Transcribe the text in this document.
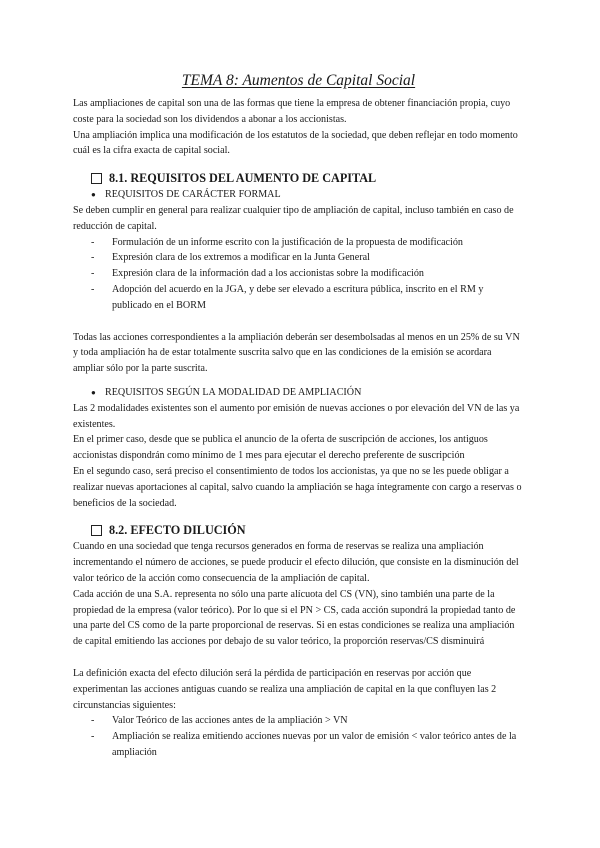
TEMA 8: Aumentos de Capital Social

Las ampliaciones de capital son una de las formas que tiene la empresa de obtener financiación propia, cuyo coste para la sociedad son los dividendos a abonar a los accionistas.

Una ampliación implica una modificación de los estatutos de la sociedad, que deben reflejar en todo momento cuál es la cifra exacta de capital social.

8.1. REQUISITOS DEL AUMENTO DE CAPITAL
● REQUISITOS DE CARÁCTER FORMAL

Se deben cumplir en general para realizar cualquier tipo de ampliación de capital, incluso también en caso de reducción de capital.

-	Formulación de un informe escrito con la justificación de la propuesta de modificación
-	Expresión clara de los extremos a modificar en la Junta General
-	Expresión clara de la información dad a los accionistas sobre la modificación
-	Adopción del acuerdo en la JGA, y debe ser elevado a escritura pública, inscrito en el RM y publicado en el BORM

Todas las acciones correspondientes a la ampliación deberán ser desembolsadas al menos en un 25% de su VN y toda ampliación ha de estar totalmente suscrita salvo que en las condiciones de la emisión se acordara ampliar sólo por la parte suscrita.

● REQUISITOS SEGÚN LA MODALIDAD DE AMPLIACIÓN

Las 2 modalidades existentes son el aumento por emisión de nuevas acciones o por elevación del VN de las ya existentes.

En el primer caso, desde que se publica el anuncio de la oferta de suscripción de acciones, los antiguos accionistas dispondrán como mínimo de 1 mes para ejecutar el derecho preferente de suscripción

En el segundo caso, será preciso el consentimiento de todos los accionistas, ya que no se les puede obligar a realizar nuevas aportaciones al capital, salvo cuando la ampliación se haga íntegramente con cargo a reservas o beneficios de la sociedad.

8.2. EFECTO DILUCIÓN

Cuando en una sociedad que tenga recursos generados en forma de reservas se realiza una ampliación incrementando el número de acciones, se puede producir el efecto dilución, que consiste en la disminución del valor teórico de la acción como consecuencia de la ampliación de capital.

Cada acción de una S.A. representa no sólo una parte alícuota del CS (VN), sino también una parte de la propiedad de la empresa (valor teórico). Por lo que si el PN > CS, cada acción supondrá la propiedad tanto de una parte del CS como de la parte proporcional de reservas. Si en estas condiciones se realiza una ampliación de capital emitiendo las acciones por debajo de su valor teórico, la proporción reservas/CS disminuirá

La definición exacta del efecto dilución será la pérdida de participación en reservas por acción que experimentan las acciones antiguas cuando se realiza una ampliación de capital en la que confluyen las 2 circunstancias siguientes:

-	Valor Teórico de las acciones antes de la ampliación > VN
-	Ampliación se realiza emitiendo acciones nuevas por un valor de emisión < valor teórico antes de la ampliación
